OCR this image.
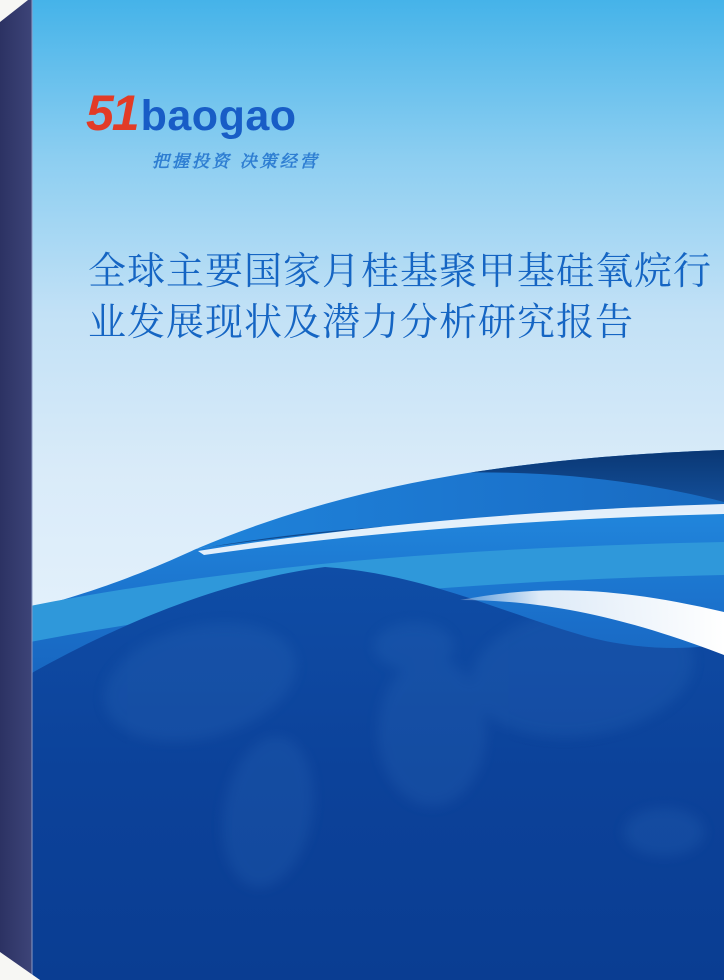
51 baogao
把握投资 决策经营
全球主要国家月桂基聚甲基硅氧烷行
业发展现状及潜力分析研究报告
